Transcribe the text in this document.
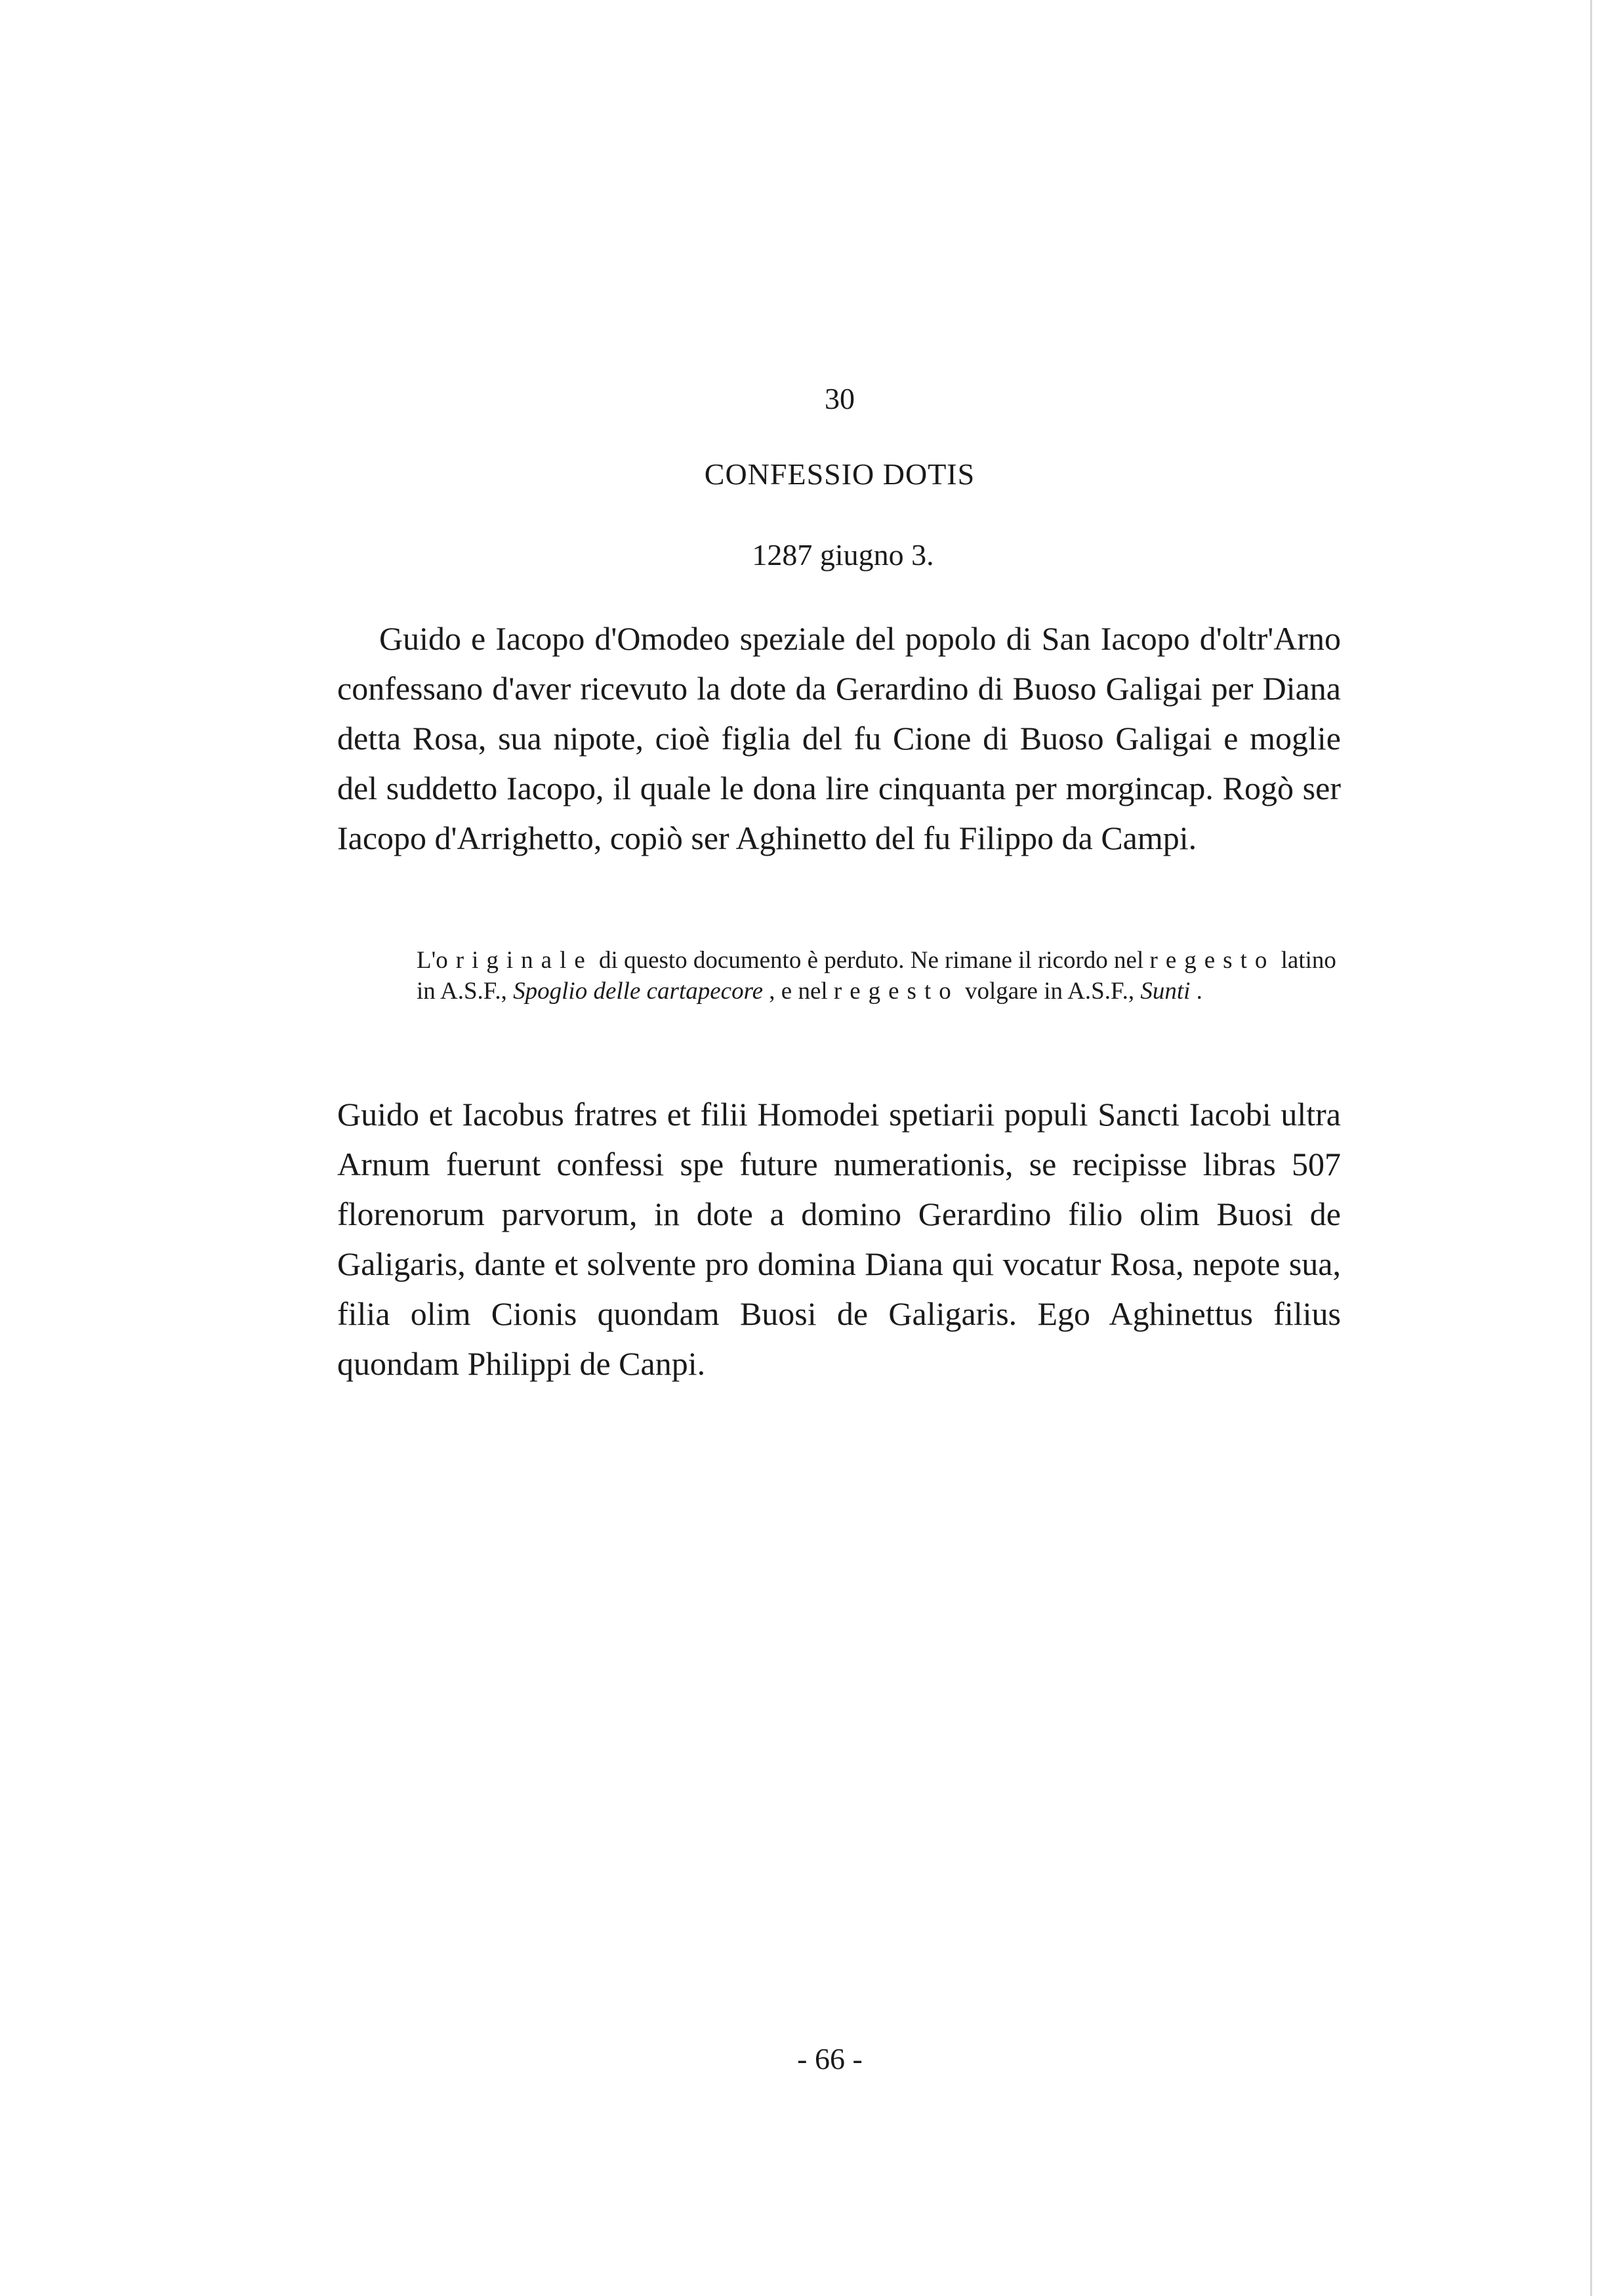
30
CONFESSIO DOTIS
1287 giugno 3.

Guido e Iacopo d'Omodeo speziale del popolo di San Iacopo d'oltr'Arno confessano d'aver ricevuto la dote da Gerardino di Buoso Galigai per Diana detta Rosa, sua nipote, cioè figlia del fu Cione di Buoso Galigai e moglie del suddetto Iacopo, il quale le dona lire cinquanta per morgincap. Rogò ser Iacopo d'Arrighetto, copiò ser Aghinetto del fu Filippo da Campi.

L'originale di questo documento è perduto. Ne rimane il ricordo nel regesto latino in A.S.F., Spoglio delle cartapecore , e nel regesto volgare in A.S.F., Sunti .

Guido et Iacobus fratres et filii Homodei spetiarii populi Sancti Iacobi ultra Arnum fuerunt confessi spe future numerationis, se recipisse libras 507 florenorum parvorum, in dote a domino Gerardino filio olim Buosi de Galigaris, dante et solvente pro domina Diana qui vocatur Rosa, nepote sua, filia olim Cionis quondam Buosi de Galigaris. Ego Aghinettus filius quondam Philippi de Canpi.

- 66 -
